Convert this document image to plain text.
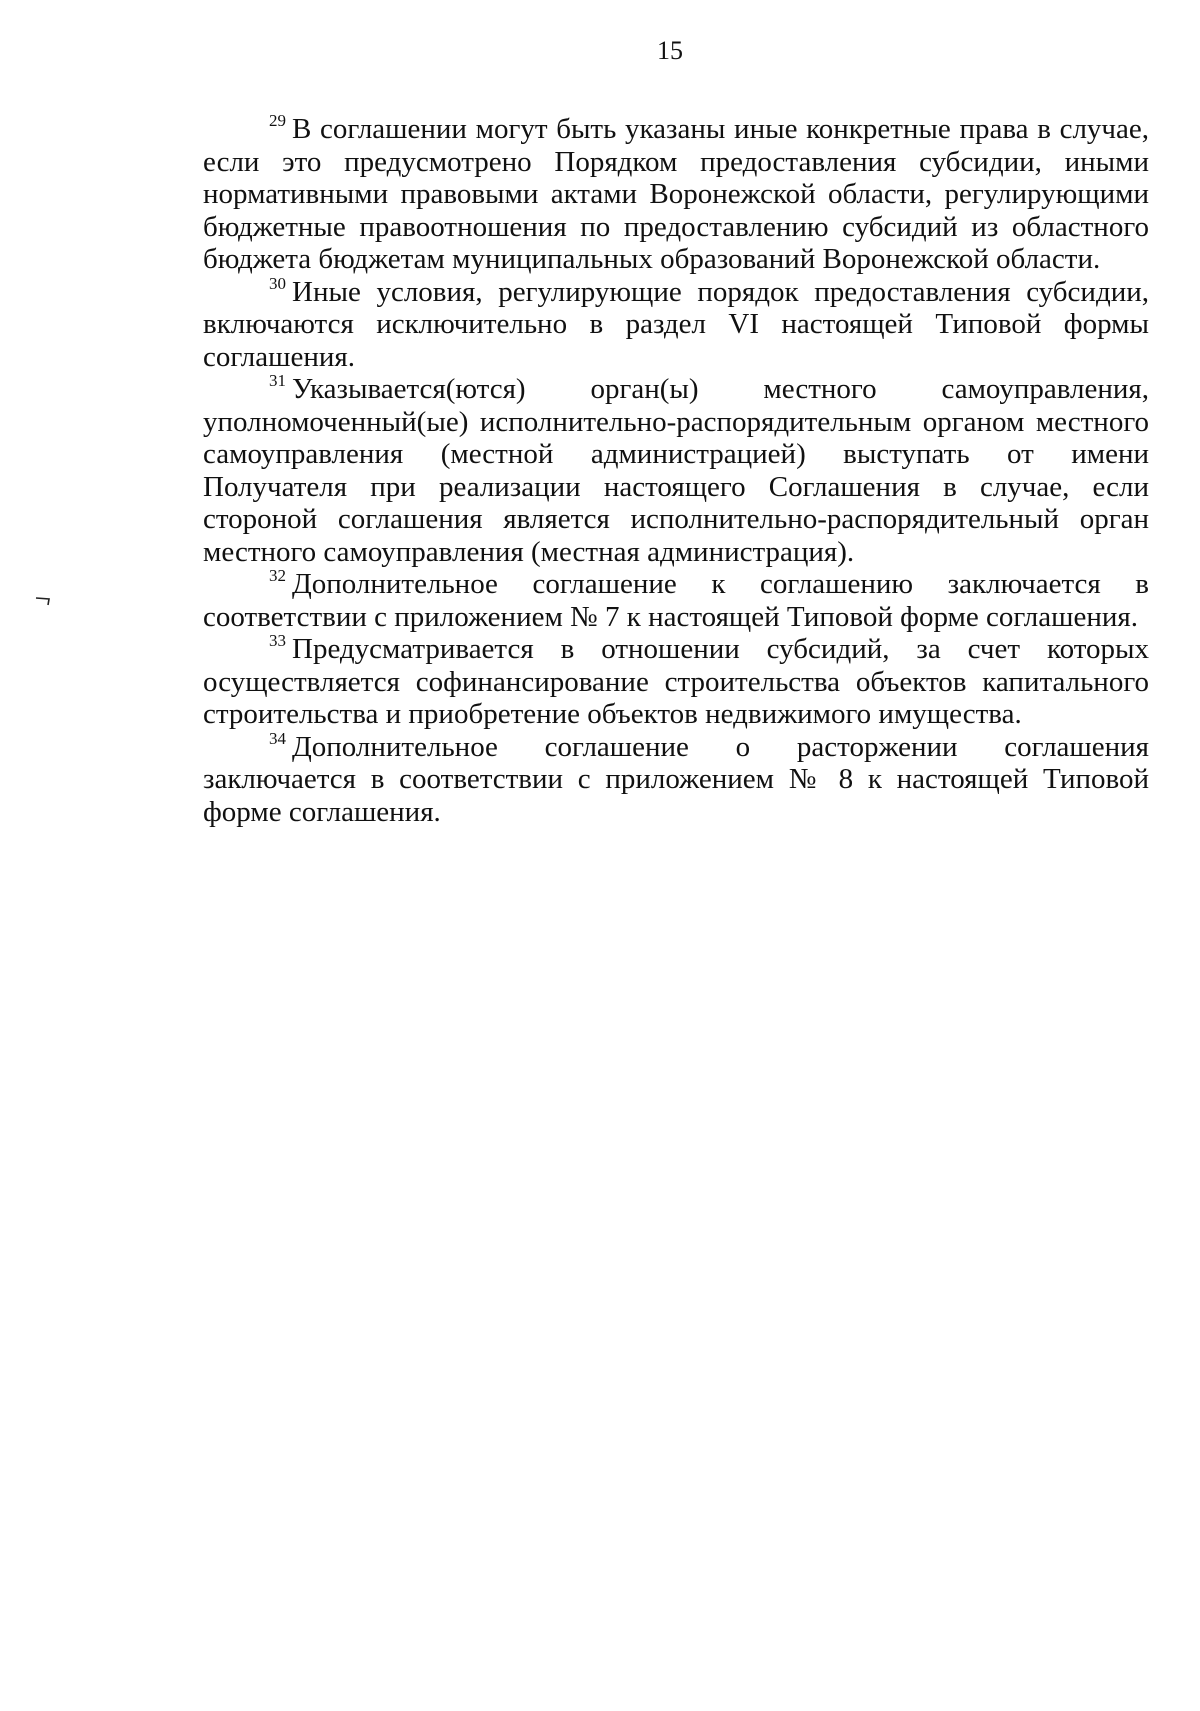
15

$^{29}$ В соглашении могут быть указаны иные конкретные права в случае, если это предусмотрено Порядком предоставления субсидии, иными нормативными правовыми актами Воронежской области, регулирующими бюджетные правоотношения по предоставлению субсидий из областного бюджета бюджетам муниципальных образований Воронежской области.

$^{30}$ Иные условия, регулирующие порядок предоставления субсидии, включаются исключительно в раздел VI настоящей Типовой формы соглашения.

$^{31}$ Указывается(ются) орган(ы) местного самоуправления, уполномоченный(ые) исполнительно-распорядительным органом местного самоуправления (местной администрацией) выступать от имени Получателя при реализации настоящего Соглашения в случае, если стороной соглашения является исполнительно-распорядительный орган местного самоуправления (местная администрация).

$^{32}$ Дополнительное соглашение к соглашению заключается в соответствии с приложением № 7 к настоящей Типовой форме соглашения.

$^{33}$ Предусматривается в отношении субсидий, за счет которых осуществляется софинансирование строительства объектов капитального строительства и приобретение объектов недвижимого имущества.

$^{34}$ Дополнительное соглашение о расторжении соглашения заключается в соответствии с приложением № 8 к настоящей Типовой форме соглашения.
